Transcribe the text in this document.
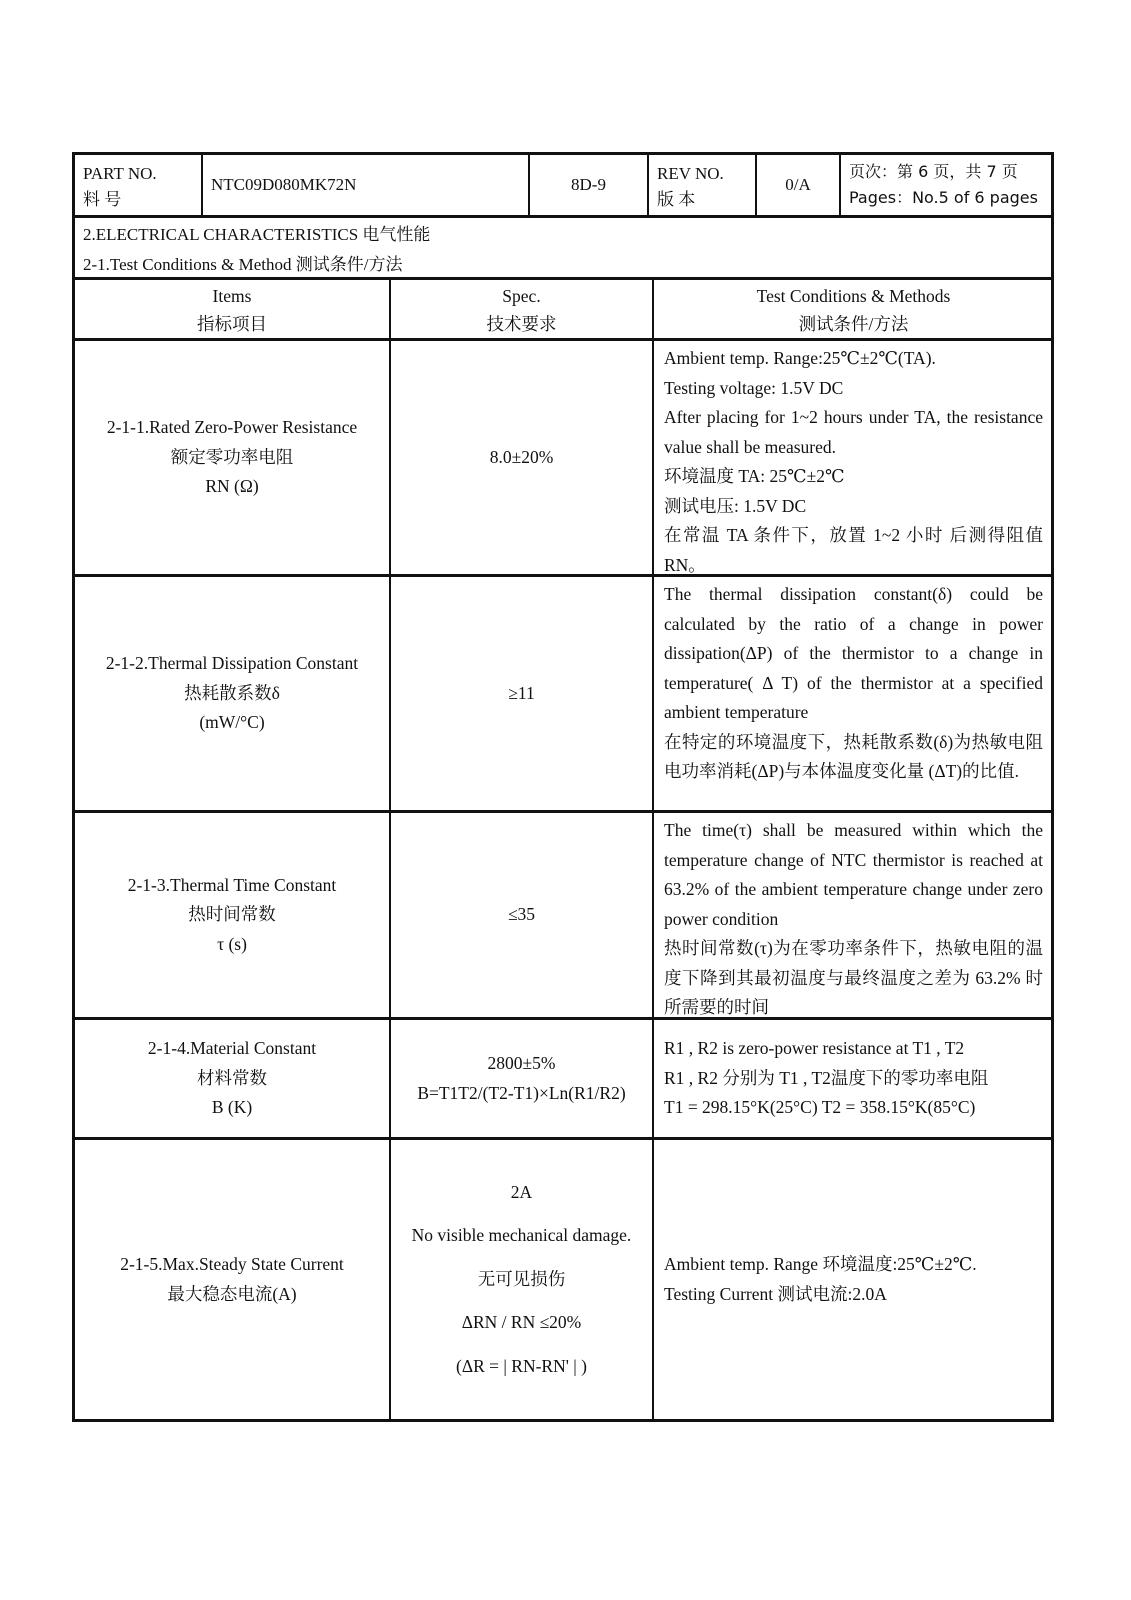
PART NO.
料 号
NTC09D080MK72N	8D-9
REV NO.
版 本
0/A
页次：第 6 页，共 7 页
Pages：No.5 of 6 pages
2.ELECTRICAL CHARACTERISTICS 电气性能
2-1.Test Conditions & Method 测试条件/方法
Items
指标项目
Spec.
技术要求

Test Conditions & Methods

测试条件/方法

2-1-1.Rated Zero-Power Resistance
额定零功率电阻
RN (Ω)
8.0±20%

Ambient temp. Range:25℃±2℃(TA).

Testing voltage: 1.5V DC

After placing for 1~2 hours under TA, the resistance value shall be measured.

环境温度 TA: 25℃±2℃

测试电压: 1.5V DC

在常温 TA 条件下，放置 1~2 小时 后测得阻值 RN。

2-1-2.Thermal Dissipation Constant
热耗散系数δ
(mW/°C)
≥11

The thermal dissipation constant(δ) could be calculated by the ratio of a change in power dissipation(ΔP) of the thermistor to a change in temperature( Δ T) of the thermistor at a specified ambient temperature

在特定的环境温度下，热耗散系数(δ)为热敏电阻电功率消耗(ΔP)与本体温度变化量 (ΔT)的比值.

2-1-3.Thermal Time Constant
热时间常数
τ (s)
≤35

The time(τ) shall be measured within which the temperature change of NTC thermistor is reached at 63.2% of the ambient temperature change under zero power condition

热时间常数(τ)为在零功率条件下，热敏电阻的温度下降到其最初温度与最终温度之差为 63.2% 时所需要的时间

2-1-4.Material Constant
材料常数
B (K)
2800±5%
B=T1T2/(T2-T1)×Ln(R1/R2)

R1 , R2 is zero-power resistance at T1 , T2

R1 , R2 分别为 T1 , T2温度下的零功率电阻

T1 = 298.15°K(25°C) T2 = 358.15°K(85°C)

2-1-5.Max.Steady State Current
最大稳态电流(A)
2A
No visible mechanical damage.
无可见损伤
ΔRN / RN ≤20%
(ΔR = | RN-RN' | )

Ambient temp. Range 环境温度:25℃±2℃.

Testing Current 测试电流:2.0A
